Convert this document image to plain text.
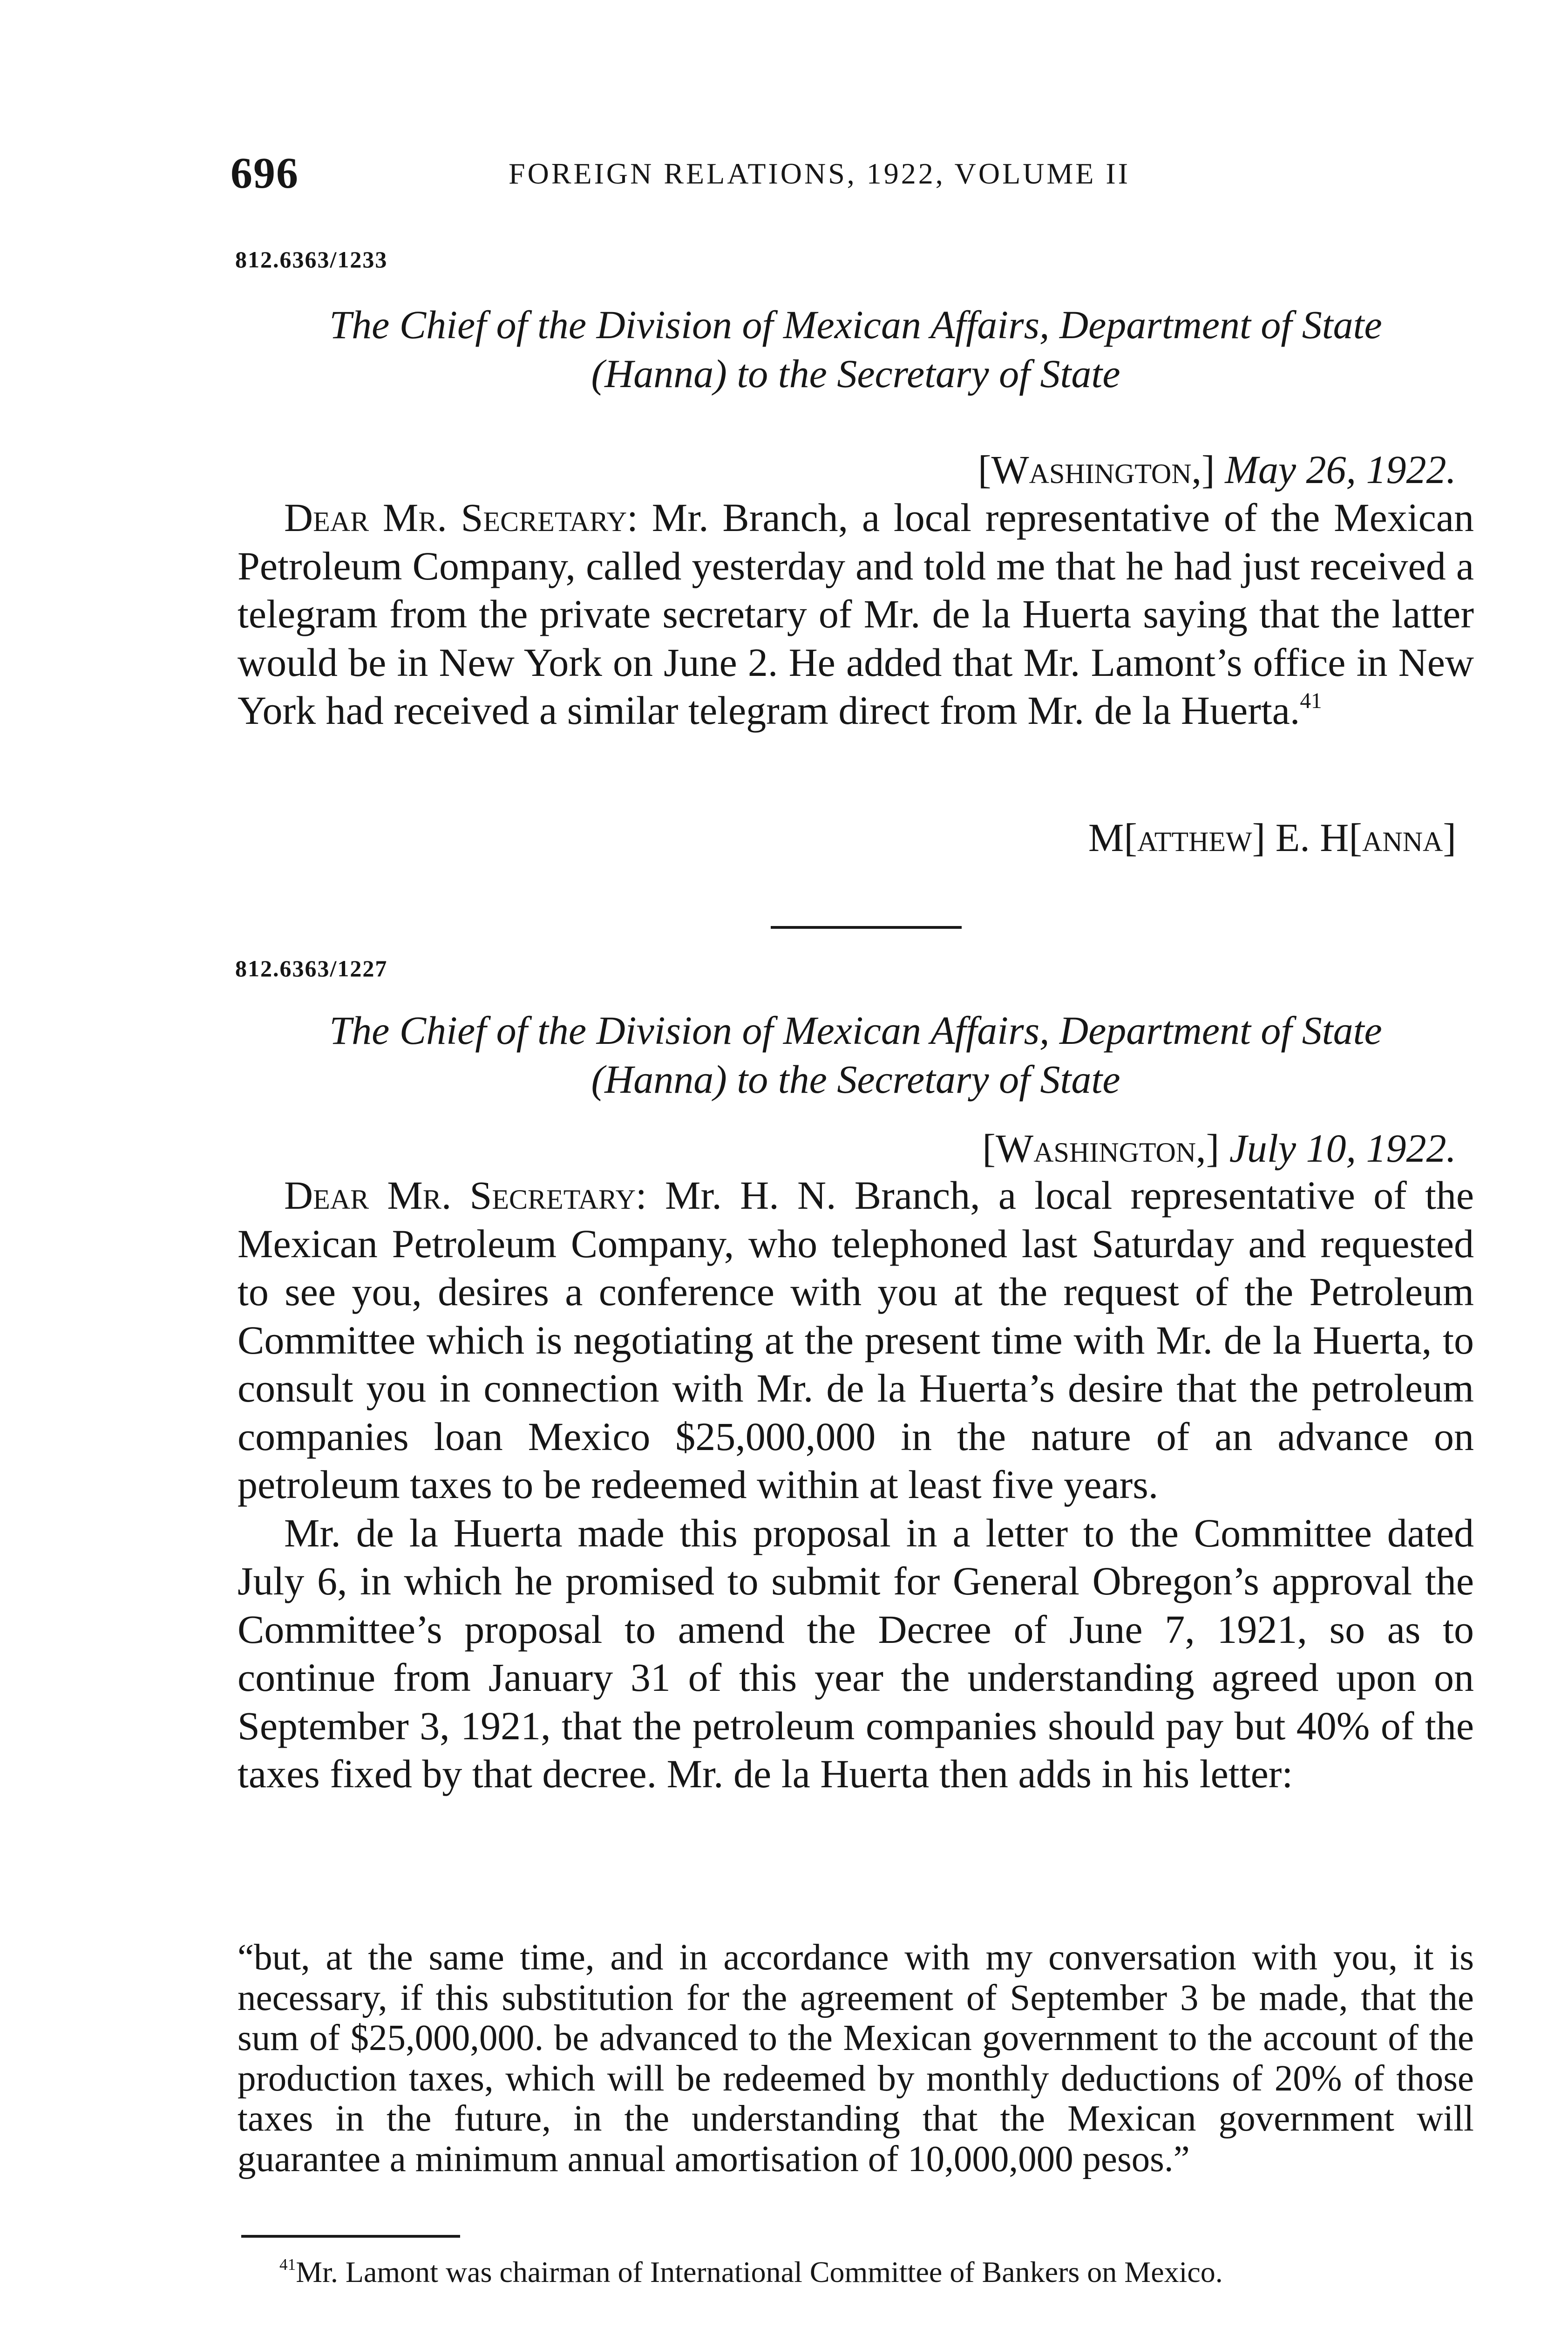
696	FOREIGN RELATIONS, 1922, VOLUME II
812.6363/1233
The Chief of the Division of Mexican Affairs, Department of State
(Hanna) to the Secretary of State
[Washington,] May 26, 1922.

Dear Mr. Secretary: Mr. Branch, a local representative of the Mexican Petroleum Company, called yesterday and told me that he had just received a telegram from the private secretary of Mr. de la Huerta saying that the latter would be in New York on June 2. He added that Mr. Lamont’s office in New York had received a similar telegram direct from Mr. de la Huerta.$^{41}$

M[atthew] E. H[anna]
812.6363/1227
The Chief of the Division of Mexican Affairs, Department of State
(Hanna) to the Secretary of State
[Washington,] July 10, 1922.

Dear Mr. Secretary: Mr. H. N. Branch, a local representative of the Mexican Petroleum Company, who telephoned last Saturday and requested to see you, desires a conference with you at the request of the Petroleum Committee which is negotiating at the present time with Mr. de la Huerta, to consult you in connection with Mr. de la Huerta’s desire that the petroleum companies loan Mexico $25,000,000 in the nature of an advance on petroleum taxes to be redeemed within at least five years.

Mr. de la Huerta made this proposal in a letter to the Committee dated July 6, in which he promised to submit for General Obregon’s approval the Committee’s proposal to amend the Decree of June 7, 1921, so as to continue from January 31 of this year the understanding agreed upon on September 3, 1921, that the petroleum companies should pay but 40% of the taxes fixed by that decree. Mr. de la Huerta then adds in his letter:

“but, at the same time, and in accordance with my conversation with you, it is necessary, if this substitution for the agreement of September 3 be made, that the sum of $25,000,000. be advanced to the Mexican government to the account of the production taxes, which will be redeemed by monthly deductions of 20% of those taxes in the future, in the understanding that the Mexican government will guarantee a minimum annual amortisation of 10,000,000 pesos.”
$^{41}$Mr. Lamont was chairman of International Committee of Bankers on Mexico.
